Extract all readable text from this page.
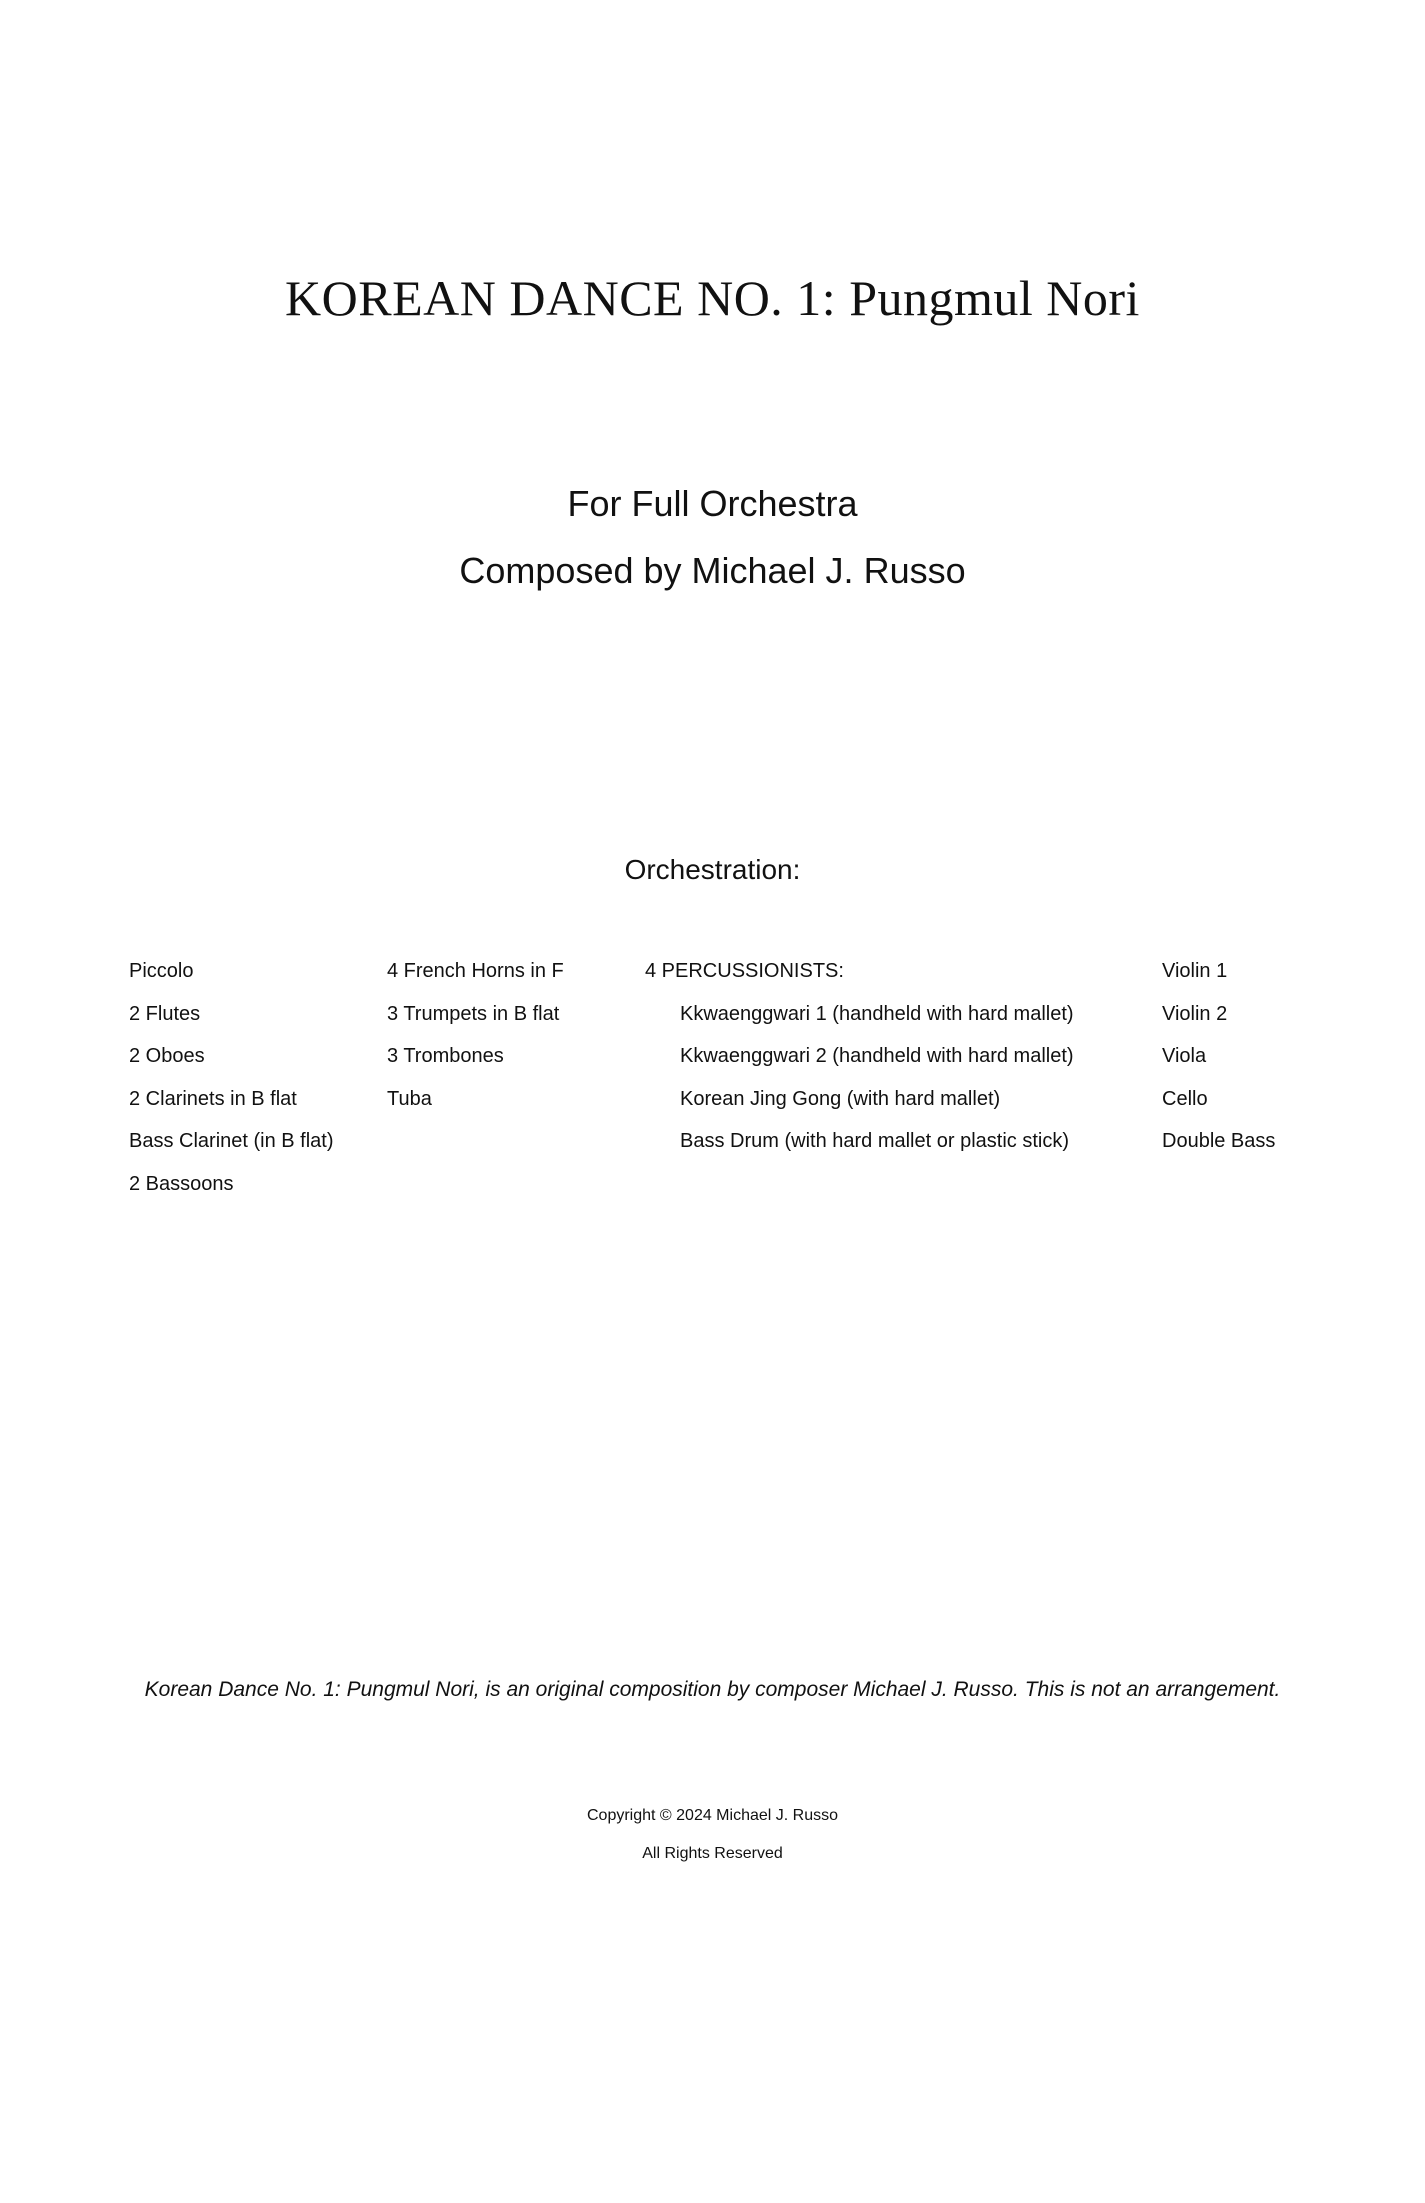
KOREAN DANCE NO. 1: Pungmul Nori
For Full Orchestra
Composed by Michael J. Russo
Orchestration:
Piccolo
2 Flutes
2 Oboes
2 Clarinets in B flat
Bass Clarinet (in B flat)
2 Bassoons
4 French Horns in F
3 Trumpets in B flat
3 Trombones
Tuba
4 PERCUSSIONISTS:
Kkwaenggwari 1 (handheld with hard mallet)
Kkwaenggwari 2 (handheld with hard mallet)
Korean Jing Gong (with hard mallet)
Bass Drum (with hard mallet or plastic stick)
Violin 1
Violin 2
Viola
Cello
Double Bass
Korean Dance No. 1: Pungmul Nori, is an original composition by composer Michael J. Russo. This is not an arrangement.
Copyright © 2024 Michael J. Russo
All Rights Reserved
